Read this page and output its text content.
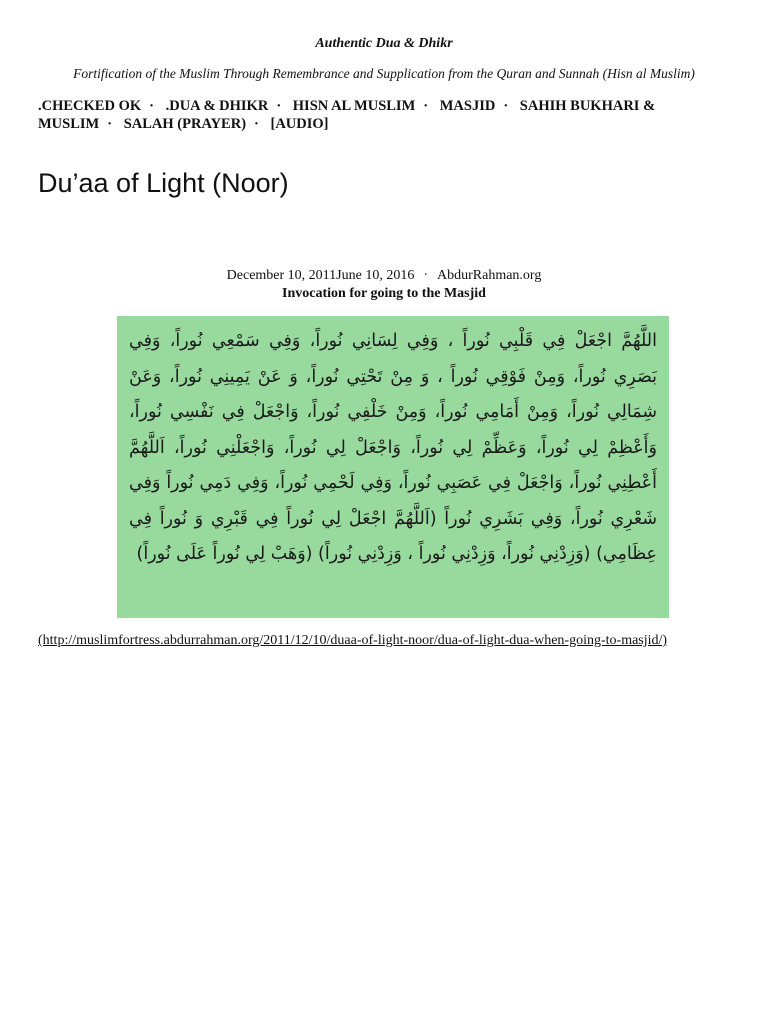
Authentic Dua & Dhikr

Fortification of the Muslim Through Remembrance and Supplication from the Quran and Sunnah (Hisn al Muslim)

.CHECKED OK · .DUA & DHIKR · HISN AL MUSLIM · MASJID · SAHIH BUKHARI & MUSLIM · SALAH (PRAYER) · [AUDIO]
Du’aa of Light (Noor)
December 10, 2011June 10, 2016 · AbdurRahman.org
Invocation for going to the Masjid
اللَّهُمَّ اجْعَلْ فِي قَلْبِي نُوراً ، وَفِي لِسَانِي نُوراً، وَفِي سَمْعِي نُوراً، وَفِي بَصَرِي نُوراً، وَمِنْ فَوْقِي نُوراً ، وَ مِنْ تَحْتِي نُوراً، وَ عَنْ يَمِينِي نُوراً، وَعَنْ شِمَالِي نُوراً، وَمِنْ أَمَامِي نُوراً، وَمِنْ خَلْفِي نُوراً، وَاجْعَلْ فِي نَفْسِي نُوراً، وَأَعْظِمْ لِي نُوراً، وَعَظِّمْ لِي نُوراً، وَاجْعَلْ لِي نُوراً، وَاجْعَلْنِي نُوراً، اَللَّهُمَّ أَعْطِنِي نُوراً، وَاجْعَلْ فِي عَصَبِي نُوراً، وَفِي لَحْمِي نُوراً، وَفِي دَمِي نُوراً وَفِي شَعْرِي نُوراً، وَفِي بَشَرِي نُوراً (اَللَّهُمَّ اجْعَلْ لِي نُوراً فِي قَبْرِي وَ نُوراً فِي عِظَامِي) (وَزِدْنِي نُوراً، وَزِدْنِي نُوراً ، وَزِدْنِي نُوراً) (وَهَبْ لِي نُوراً عَلَى نُوراً)
(http://muslimfortress.abdurrahman.org/2011/12/10/duaa-of-light-noor/dua-of-light-dua-when-going-to-masjid/)
